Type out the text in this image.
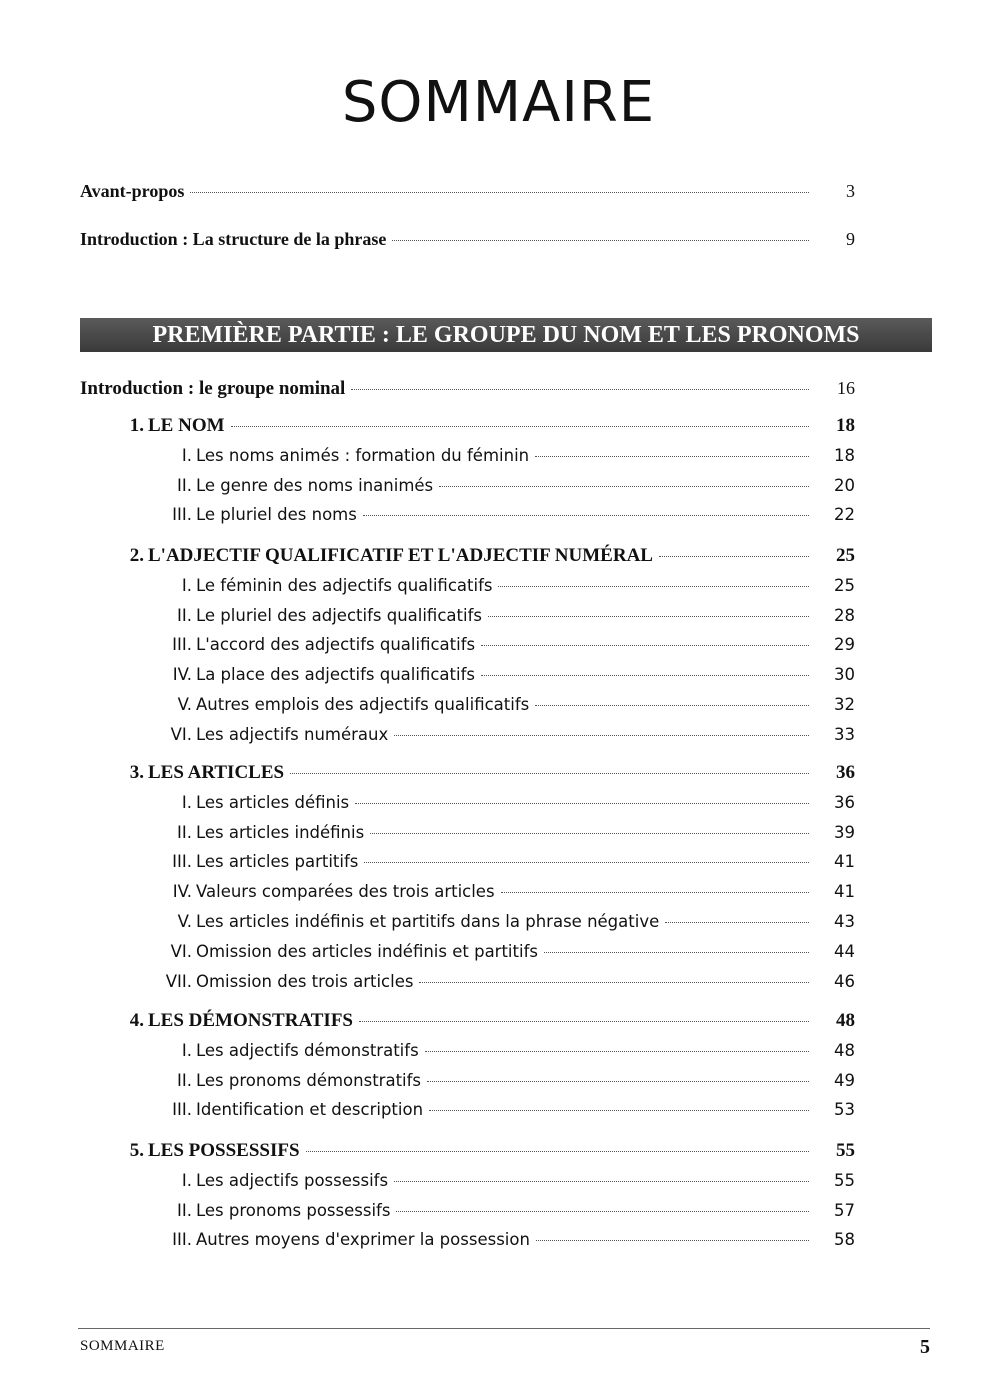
SOMMAIRE
Avant-propos	3
Introduction : La structure de la phrase	9
PREMIÈRE PARTIE : LE GROUPE DU NOM ET LES PRONOMS
Introduction : le groupe nominal	16
1. LE NOM	18
I. Les noms animés : formation du féminin	18
II. Le genre des noms inanimés	20
III. Le pluriel des noms	22
2. L'ADJECTIF QUALIFICATIF ET L'ADJECTIF NUMÉRAL	25
I. Le féminin des adjectifs qualificatifs	25
II. Le pluriel des adjectifs qualificatifs	28
III. L'accord des adjectifs qualificatifs	29
IV. La place des adjectifs qualificatifs	30
V. Autres emplois des adjectifs qualificatifs	32
VI. Les adjectifs numéraux	33
3. LES ARTICLES	36
I. Les articles définis	36
II. Les articles indéfinis	39
III. Les articles partitifs	41
IV. Valeurs comparées des trois articles	41
V. Les articles indéfinis et partitifs dans la phrase négative	43
VI. Omission des articles indéfinis et partitifs	44
VII. Omission des trois articles	46
4. LES DÉMONSTRATIFS	48
I. Les adjectifs démonstratifs	48
II. Les pronoms démonstratifs	49
III. Identification et description	53
5. LES POSSESSIFS	55
I. Les adjectifs possessifs	55
II. Les pronoms possessifs	57
III. Autres moyens d'exprimer la possession	58
SOMMAIRE	5
